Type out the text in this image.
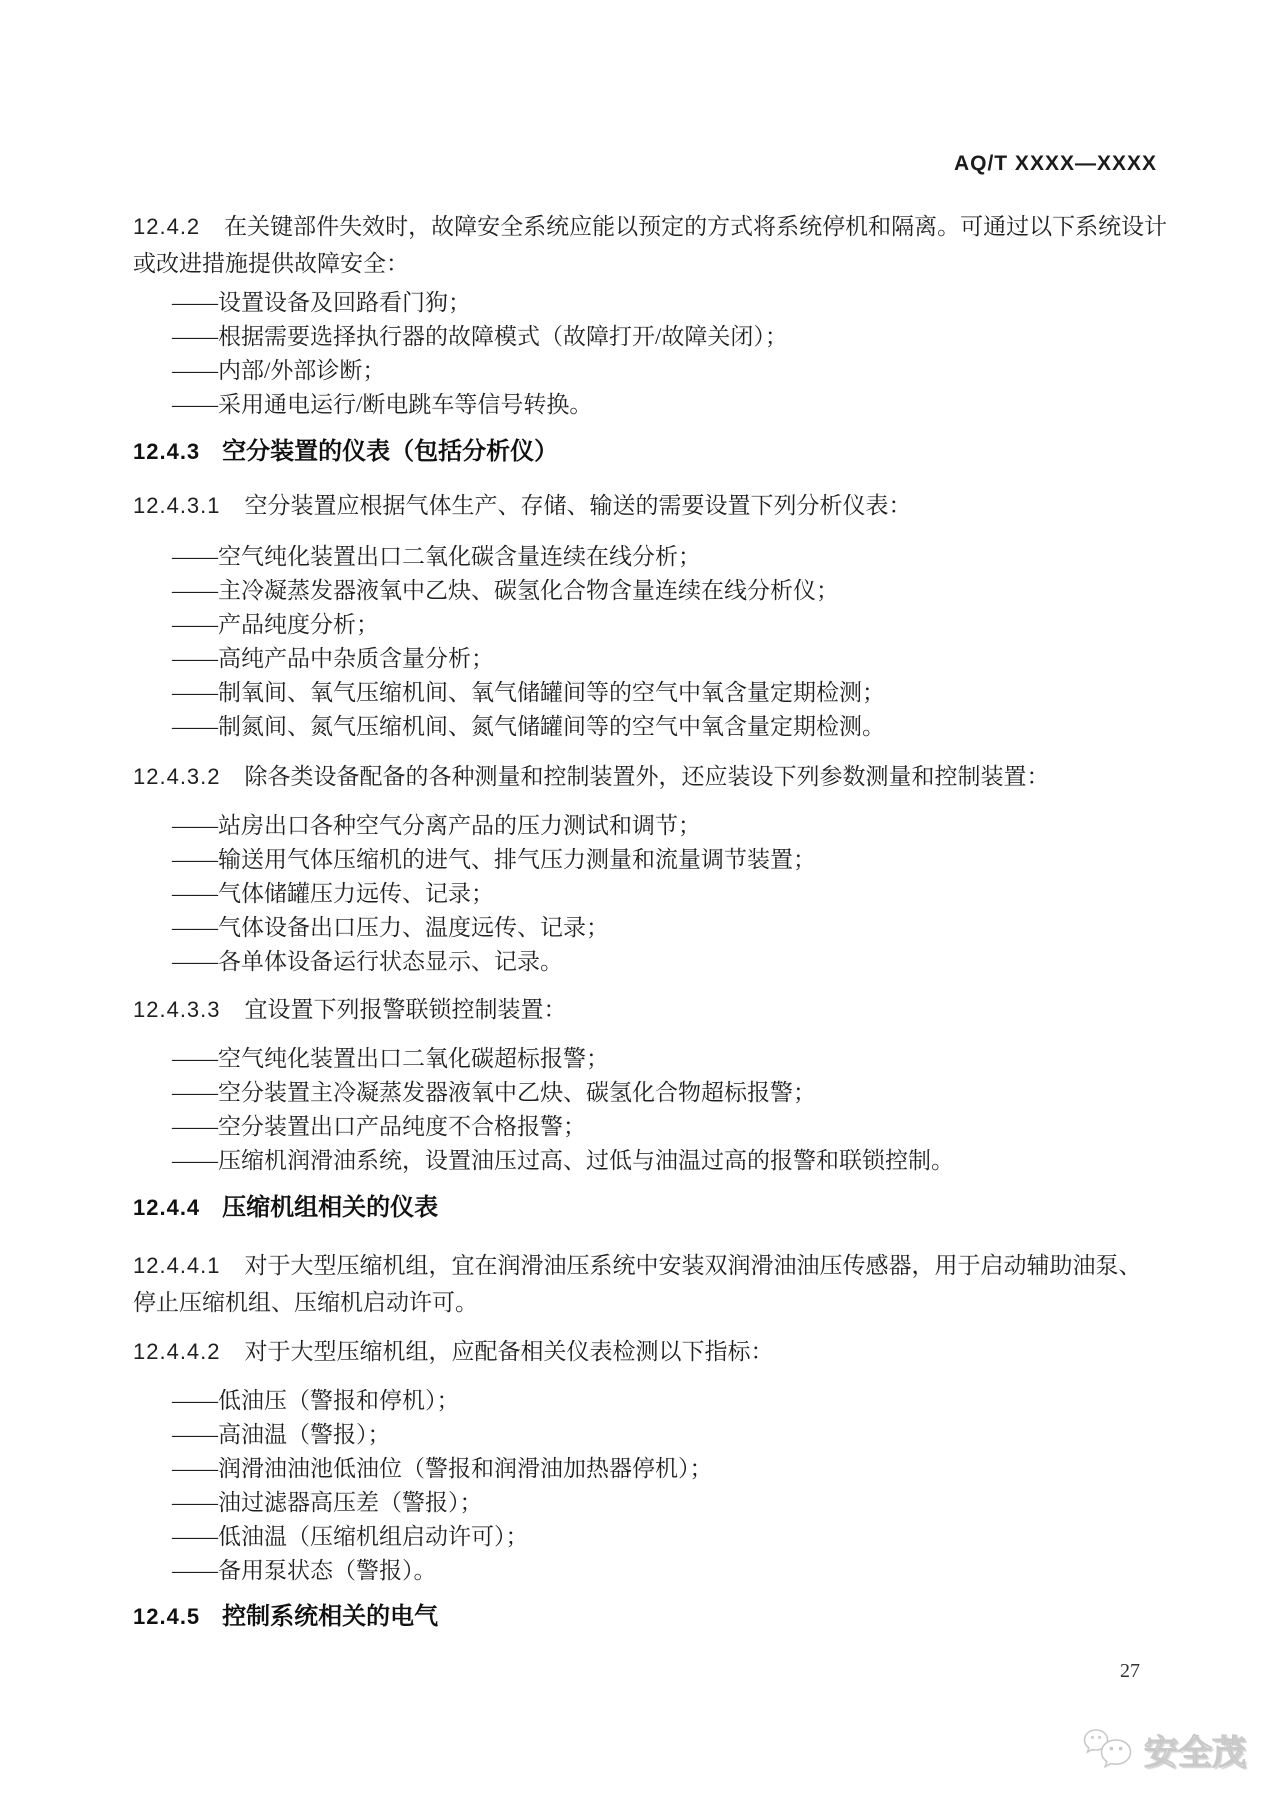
AQ/T XXXX—XXXX
12.4.2 在关键部件失效时，故障安全系统应能以预定的方式将系统停机和隔离。可通过以下系统设计
或改进措施提供故障安全：
——设置设备及回路看门狗；
——根据需要选择执行器的故障模式（故障打开/故障关闭）；
——内部/外部诊断；
——采用通电运行/断电跳车等信号转换。
12.4.3 空分装置的仪表（包括分析仪）
12.4.3.1 空分装置应根据气体生产、存储、输送的需要设置下列分析仪表：
——空气纯化装置出口二氧化碳含量连续在线分析；
——主冷凝蒸发器液氧中乙炔、碳氢化合物含量连续在线分析仪；
——产品纯度分析；
——高纯产品中杂质含量分析；
——制氧间、氧气压缩机间、氧气储罐间等的空气中氧含量定期检测；
——制氮间、氮气压缩机间、氮气储罐间等的空气中氧含量定期检测。
12.4.3.2 除各类设备配备的各种测量和控制装置外，还应装设下列参数测量和控制装置：
——站房出口各种空气分离产品的压力测试和调节；
——输送用气体压缩机的进气、排气压力测量和流量调节装置；
——气体储罐压力远传、记录；
——气体设备出口压力、温度远传、记录；
——各单体设备运行状态显示、记录。
12.4.3.3 宜设置下列报警联锁控制装置：
——空气纯化装置出口二氧化碳超标报警；
——空分装置主冷凝蒸发器液氧中乙炔、碳氢化合物超标报警；
——空分装置出口产品纯度不合格报警；
——压缩机润滑油系统，设置油压过高、过低与油温过高的报警和联锁控制。
12.4.4 压缩机组相关的仪表
12.4.4.1 对于大型压缩机组，宜在润滑油压系统中安装双润滑油油压传感器，用于启动辅助油泵、
停止压缩机组、压缩机启动许可。
12.4.4.2 对于大型压缩机组，应配备相关仪表检测以下指标：
——低油压（警报和停机）；
——高油温（警报）；
——润滑油油池低油位（警报和润滑油加热器停机）；
——油过滤器高压差（警报）；
——低油温（压缩机组启动许可）；
——备用泵状态（警报）。
12.4.5 控制系统相关的电气
27
安全茂
